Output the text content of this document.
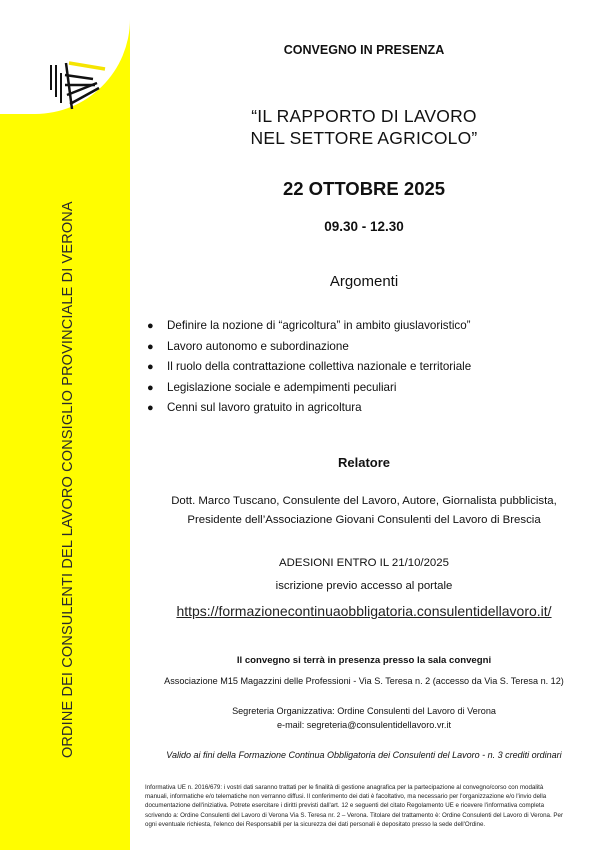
ORDINE DEI CONSULENTI DEL LAVORO CONSIGLIO PROVINCIALE DI VERONA
CONVEGNO IN PRESENZA
“IL RAPPORTO DI LAVORO
NEL SETTORE AGRICOLO”
22 OTTOBRE 2025
09.30 - 12.30
Argomenti
● Definire la nozione di “agricoltura” in ambito giuslavoristico”
● Lavoro autonomo e subordinazione
● Il ruolo della contrattazione collettiva nazionale e territoriale
● Legislazione sociale e adempimenti peculiari
● Cenni sul lavoro gratuito in agricoltura
Relatore
Dott. Marco Tuscano, Consulente del Lavoro, Autore, Giornalista pubblicista,
Presidente dell’Associazione Giovani Consulenti del Lavoro di Brescia
ADESIONI ENTRO IL 21/10/2025
iscrizione previo accesso al portale
https://formazionecontinuaobbligatoria.consulentidellavoro.it/
Il convegno si terrà in presenza presso la sala convegni
Associazione M15 Magazzini delle Professioni - Via S. Teresa n. 2 (accesso da Via S. Teresa n. 12)
Segreteria Organizzativa: Ordine Consulenti del Lavoro di Verona
e-mail: segreteria@consulentidellavoro.vr.it
Valido ai fini della Formazione Continua Obbligatoria dei Consulenti del Lavoro - n. 3 crediti ordinari
Informativa UE n. 2016/679: i vostri dati saranno trattati per le finalità di gestione anagrafica per la partecipazione al convegno/corso con modalità
manuali, informatiche e/o telematiche non verranno diffusi. Il conferimento dei dati è facoltativo, ma necessario per l'organizzazione e/o l'invio della
documentazione dell'iniziativa. Potrete esercitare i diritti previsti dall'art. 12 e seguenti del citato Regolamento UE e ricevere l'informativa completa
scrivendo a: Ordine Consulenti del Lavoro di Verona Via S. Teresa nr. 2 – Verona. Titolare del trattamento è: Ordine Consulenti del Lavoro di Verona. Per
ogni eventuale richiesta, l'elenco dei Responsabili per la sicurezza dei dati personali è depositato presso la sede dell'Ordine.
